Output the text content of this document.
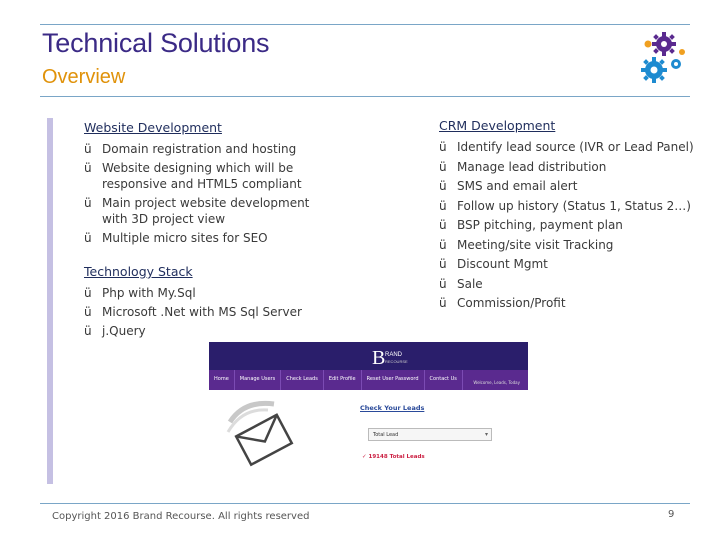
Technical Solutions
Overview
Website Development
ü Domain registration and hosting
ü Website designing which will be responsive and HTML5 compliant
ü Main project website development with 3D project view
ü Multiple micro sites for SEO
Technology Stack
ü Php with My.Sql
ü Microsoft .Net with MS Sql Server
ü j.Query
CRM Development
ü Identify lead source (IVR or Lead Panel)
ü Manage lead distribution
ü SMS and email alert
ü Follow up history (Status 1, Status 2…)
ü BSP pitching, payment plan
ü Meeting/site visit Tracking
ü Discount Mgmt
ü Sale
ü Commission/Profit
B RAND
RECOURSE
Home	Manage Users	Check Leads	Edit Profile	Reset User Password	Contact Us
Welcome, Leads, Today
Check Your Leads
Total Lead	▾
✓ 19148 Total Leads
Copyright 2016 Brand Recourse. All rights reserved	9
